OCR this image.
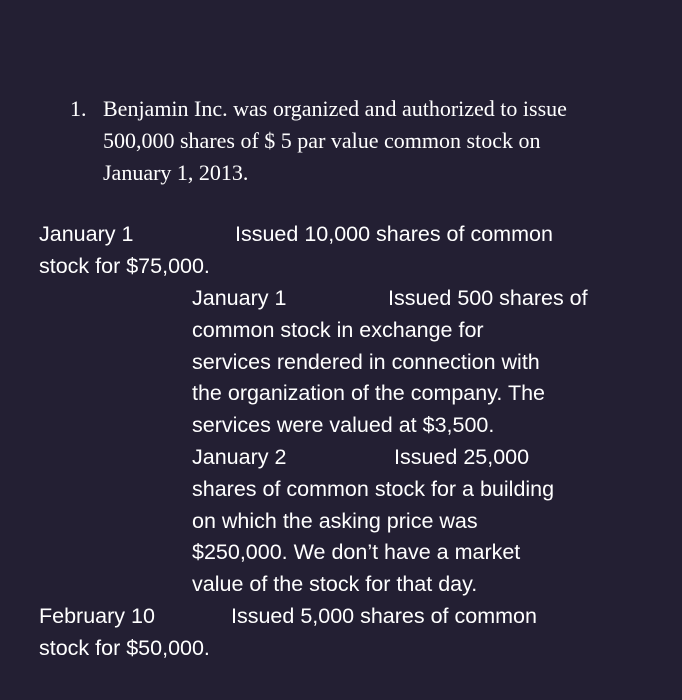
1. Benjamin Inc. was organized and authorized to issue
500,000 shares of $ 5 par value common stock on
January 1, 2013.
January 1	Issued 10,000 shares of common
stock for $75,000.
January 1	Issued 500 shares of
common stock in exchange for
services rendered in connection with
the organization of the company. The
services were valued at $3,500.
January 2	Issued 25,000
shares of common stock for a building
on which the asking price was
$250,000. We don’t have a market
value of the stock for that day.
February 10	Issued 5,000 shares of common
stock for $50,000.
